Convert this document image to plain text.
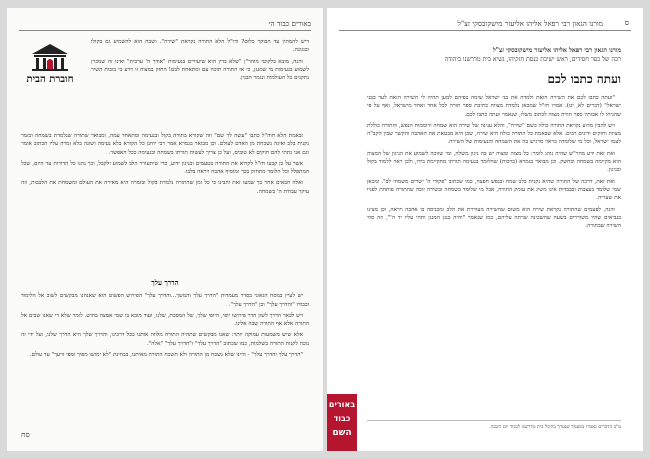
באורים כבוד הי
חוברת הבית

דיש להמתין עד הבוקר כלום? ודו"ל הלא התורה נקראת "שירה". ושבח הוא להשמיע גם בקולו ובנגונה.

והנה, מובא בלקוטי מוהר"ן "שלא בדין הוא שיעורים בנעימות "אודך ה' ערבית" ואינו זה שמכוין לשמוע בנעימות מי שמנגן, כי אז התורה תוכה עם ומתאחת לבם! החזק במצוה זו וידע כי בזכות השיר נתקנים כל העולמות ונגמר הבנין.

ובאמת הלא חוה"ל כתבו "עשה לך שם" וזה שקורא בתורה בקול ובנעימה ומתאחד עמה, ומבואר שתורה שנלמדת בשמחה ובזמר נקנית בלב ואינה נשכחת מן האדם לעולם. וכן מבואר בגמרא אמר רבי יוחנן כל הקורא בלא נעימה ושונה בלא זמרה עליו הכתוב אומר וגם אני נתתי להם חוקים לא טובים, ועל כן צריך לעשות תורתו בשמחה ובנעימה ככל האפשר.

אשר על כן קבעו חז"ל לקרוא את התורה בטעמים ובניגון ידוע, כדי שיתעורר הלב לשמוע ולקבל, וכך נהגו כל הדורות עד היום, שכל המתפלל וכל הלומד מתחזק בכך ומוסיף אהבה ויראה בלבו.

ואלה הבאים אחר כך שמעו זאת והבינו כי כל זמן שהתורה נלמדת בקול ובזמרה היא מאירה את העולם ומשמחת את הלבבות, וזה עיקר עבודת ה' בשמחה.

הדרך עלך

יש לעיין בנוסח הגאוני בסדר מעמדות "הדרך עלך והמשך...והדרך עלך" הפירוש הפשוט הוא שאנחנו מבקשים לשוב אל הלימוד וכבודו "והדרך עלך" וכן "הדרך עלך".

ויש לבאר הדרך לשון הדר פירושו יופי, היופי שלך, של המסכת, שלנו, ועוד מובא בו שמי אמצה בחוש. לומר שלא די שאנו שבים אל התורה אלא אף התורה שבה אלינו.

אלא שיש משמעות עמוקה יותר: שאנו מבקשים שתהיה התורה מלווה אותנו בכל דרכינו, והדרך שלך היא הדרך שלנו, ועל ידי זה נזכה לקנות התורה בשלמות, כמו שכתוב "הדרך עלך" ו"הדרך עלך" "אלה".

"הדרך עלך והדרך עלך" - היינו שלא נשכח מן התורה ולא תשכח התורה מאיתנו, בבחינת "לא ימושו מפיך ומפי זרעך" עד עולם.

סח
מורנו הגאון רבי רפאל אליהו אליעזר מישקובסקי זצ"ל	ס
מורנו הגאון רבי רפאל אליהו אליעזר מישקובסקי זצ"ל
רבה של כפר חסידים, ראש ישיבת כנסת חזקיהו, נשיא בית מדרשנו ביהודה
ועתה כתבו לכם

"ועתה כתבו לכם את השירה הזאת ולמדה את בני ישראל שימה בפיהם למען תהיה לי השירה הזאת לעד בבני ישראל" (דברים לא, יט). אמרו חז"ל שמכאן נלמדת מצוות כתיבת ספר תורה לכל אחד ואחד מישראל, ואף על פי שהניחו לו אבותיו ספר תורה מצוה לכתוב משלו, שנאמר ועתה כתבו לכם.

ויש להבין מדוע נקראת התורה כולה בשם "שירה", והלא ענינה של שירה הוא שמחה ורוממות הנפש, והתורה כוללת מצוות וחוקים ודינים רבים. אלא שבאמת כל התורה כולה היא שירה, שכן היא מבטאת את האהבה והקשר שבין הקב"ה לעמו ישראל, וכל מי שלומדה כראוי מרגיש בה את השמחה והנעימות של השירה.

ואת זאת ידע מהר"ש שהיה נוהג לומר: כל מצוה ומצוה יש בה ניגון משלה, ומי שזוכה לשמוע את הניגון של המצוה הוא מקיימה בשמחה ובחשק. וכן מבואר בגמרא (ברכות) שהלומד בנעימה תורתו מתקיימת בידו, ולכן ראוי ללמוד בקול ובניגון.

ואת זאת, דרכה של התורה שהיא נקנית בלב שמח ובנפש חפצה, כמו שכתוב "פקודי ה' ישרים משמחי לב". ומכאן שמי שלומד בעצבות ובכבדות אינו משיג את עומק התורה, אבל מי שלומד בשמחה ובשירה זוכה שהתורה פותחת לפניו את שעריה.

והנה, לפעמים שהתורה נקראת שירה הוא משום שהשירה מעוררת את הלב ומכניסה בו אהבה ויראה, וכן מצינו בנביאים שהיו משוררים בשעה שהשכינה שרתה עליהם, כמו שנאמר "והיה כנגן המנגן ותהי עליו יד ה'", וזה סוד השירה שבתורה.

ע"ב הדברים נאמרו במעמד שנערך בהיכל בית מדרשנו לכבוד יום השנה.
באורים
כבוד
השם
